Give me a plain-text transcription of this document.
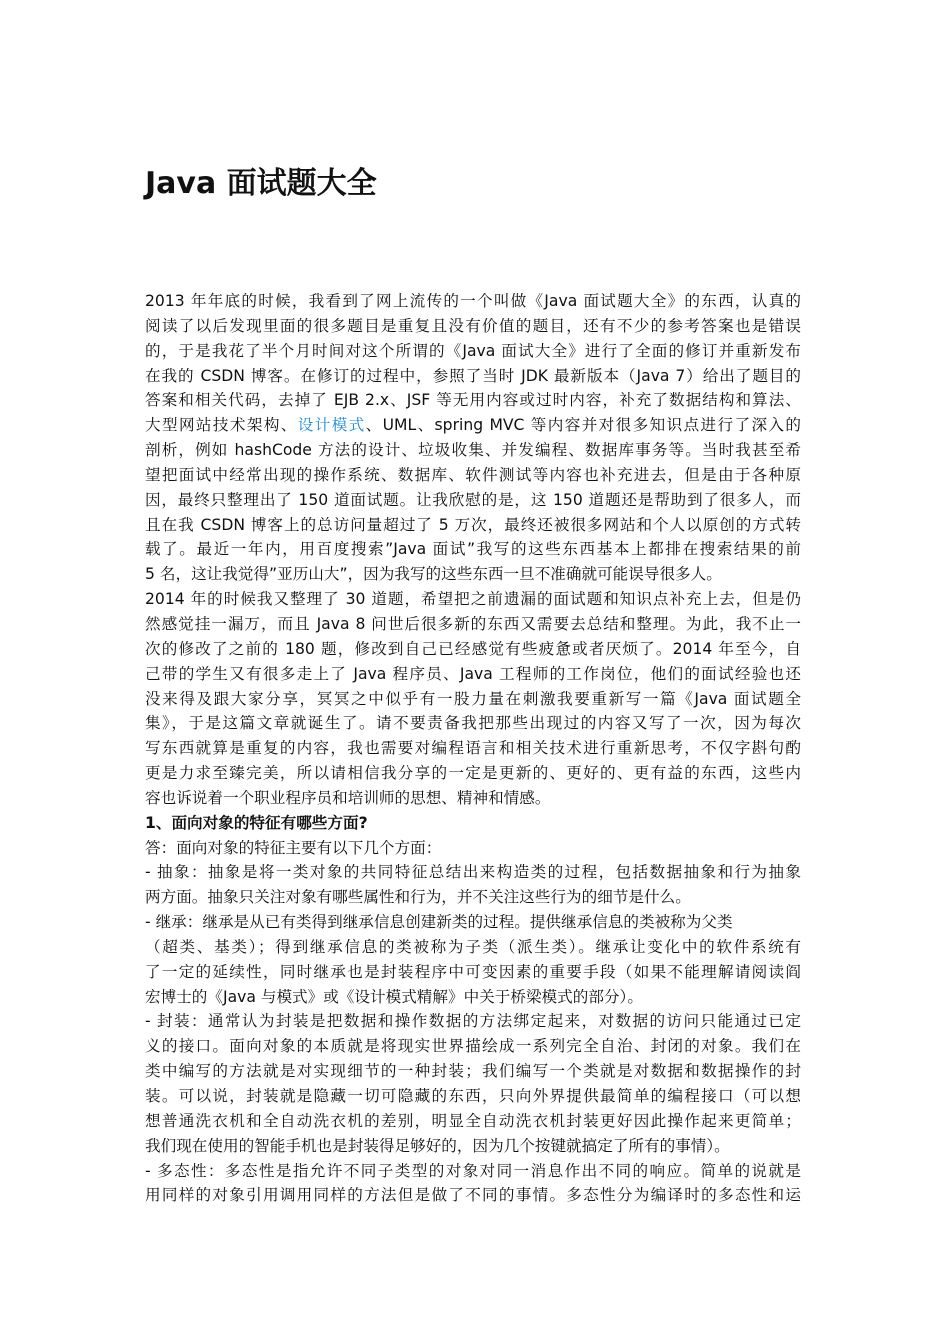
Java 面试题大全
2013 年年底的时候，我看到了网上流传的一个叫做《Java 面试题大全》的东西，认真的
阅读了以后发现里面的很多题目是重复且没有价值的题目，还有不少的参考答案也是错误
的，于是我花了半个月时间对这个所谓的《Java 面试大全》进行了全面的修订并重新发布
在我的 CSDN 博客。在修订的过程中，参照了当时 JDK 最新版本（Java 7）给出了题目的
答案和相关代码，去掉了 EJB 2.x、JSF 等无用内容或过时内容，补充了数据结构和算法、
大型网站技术架构、设计模式、UML、spring MVC 等内容并对很多知识点进行了深入的
剖析，例如 hashCode 方法的设计、垃圾收集、并发编程、数据库事务等。当时我甚至希
望把面试中经常出现的操作系统、数据库、软件测试等内容也补充进去，但是由于各种原
因，最终只整理出了 150 道面试题。让我欣慰的是，这 150 道题还是帮助到了很多人，而
且在我 CSDN 博客上的总访问量超过了 5 万次，最终还被很多网站和个人以原创的方式转
载了。最近一年内，用百度搜索”Java 面试”我写的这些东西基本上都排在搜索结果的前
5 名，这让我觉得”亚历山大”，因为我写的这些东西一旦不准确就可能误导很多人。
2014 年的时候我又整理了 30 道题，希望把之前遗漏的面试题和知识点补充上去，但是仍
然感觉挂一漏万，而且 Java 8 问世后很多新的东西又需要去总结和整理。为此，我不止一
次的修改了之前的 180 题，修改到自己已经感觉有些疲惫或者厌烦了。2014 年至今，自
己带的学生又有很多走上了 Java 程序员、Java 工程师的工作岗位，他们的面试经验也还
没来得及跟大家分享，冥冥之中似乎有一股力量在刺激我要重新写一篇《Java 面试题全
集》，于是这篇文章就诞生了。请不要责备我把那些出现过的内容又写了一次，因为每次
写东西就算是重复的内容，我也需要对编程语言和相关技术进行重新思考，不仅字斟句酌
更是力求至臻完美，所以请相信我分享的一定是更新的、更好的、更有益的东西，这些内
容也诉说着一个职业程序员和培训师的思想、精神和情感。
1、面向对象的特征有哪些方面?
答：面向对象的特征主要有以下几个方面：
- 抽象：抽象是将一类对象的共同特征总结出来构造类的过程，包括数据抽象和行为抽象
两方面。抽象只关注对象有哪些属性和行为，并不关注这些行为的细节是什么。
- 继承：继承是从已有类得到继承信息创建新类的过程。提供继承信息的类被称为父类
（超类、基类）；得到继承信息的类被称为子类（派生类）。继承让变化中的软件系统有
了一定的延续性，同时继承也是封装程序中可变因素的重要手段（如果不能理解请阅读阎
宏博士的《Java 与模式》或《设计模式精解》中关于桥梁模式的部分）。
- 封装：通常认为封装是把数据和操作数据的方法绑定起来，对数据的访问只能通过已定
义的接口。面向对象的本质就是将现实世界描绘成一系列完全自治、封闭的对象。我们在
类中编写的方法就是对实现细节的一种封装；我们编写一个类就是对数据和数据操作的封
装。可以说，封装就是隐藏一切可隐藏的东西，只向外界提供最简单的编程接口（可以想
想普通洗衣机和全自动洗衣机的差别，明显全自动洗衣机封装更好因此操作起来更简单；
我们现在使用的智能手机也是封装得足够好的，因为几个按键就搞定了所有的事情）。
- 多态性：多态性是指允许不同子类型的对象对同一消息作出不同的响应。简单的说就是
用同样的对象引用调用同样的方法但是做了不同的事情。多态性分为编译时的多态性和运
